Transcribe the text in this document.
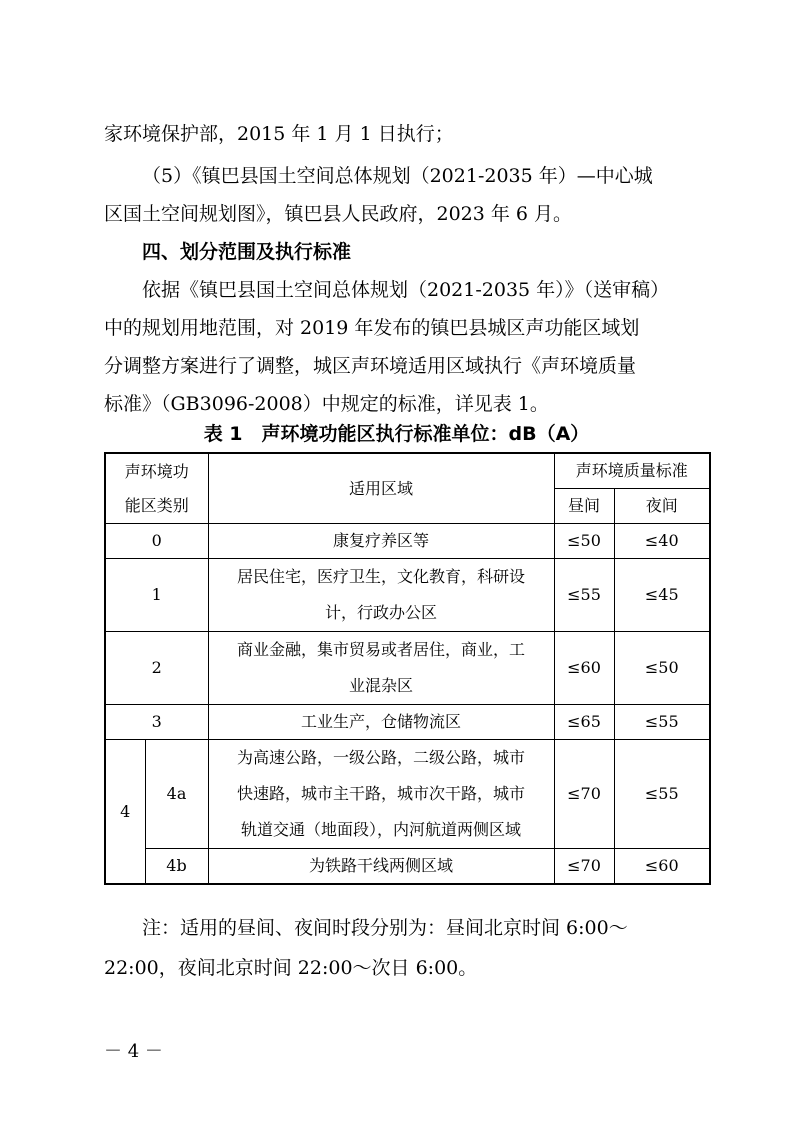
家环境保护部，2015 年 1 月 1 日执行；
（5）《镇巴县国土空间总体规划（2021-2035 年）—中心城
区国土空间规划图》，镇巴县人民政府，2023 年 6 月。
四、划分范围及执行标准
依据《镇巴县国土空间总体规划（2021-2035 年）》（送审稿）
中的规划用地范围，对 2019 年发布的镇巴县城区声功能区域划
分调整方案进行了调整，城区声环境适用区域执行《声环境质量
标准》（GB3096-2008）中规定的标准，详见表 1。
表 1　声环境功能区执行标准单位：dB（A）
声环境功
能区类别		适用区域	声环境质量标准	
			昼间	夜间
0		康复疗养区等	≤50	≤40
1		居民住宅，医疗卫生，文化教育，科研设
计，行政办公区	≤55	≤45
2		商业金融，集市贸易或者居住，商业，工
业混杂区	≤60	≤50
3		工业生产，仓储物流区	≤65	≤55
4	4a	为高速公路，一级公路，二级公路，城市
快速路，城市主干路，城市次干路，城市
轨道交通（地面段），内河航道两侧区域	≤70	≤55
	4b	为铁路干线两侧区域	≤70	≤60
注：适用的昼间、夜间时段分别为：昼间北京时间 6:00～
22:00，夜间北京时间 22:00～次日 6:00。
－ 4 －
